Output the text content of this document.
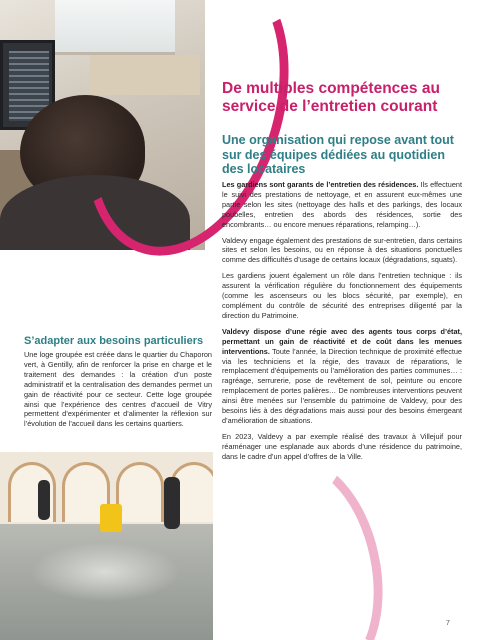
De multiples compétences au service de l’entretien courant
Une organisation qui repose avant tout sur des équipes dédiées au quotidien des locataires

Les gardiens sont garants de l’entretien des résidences. Ils effectuent le suivi des prestations de nettoyage, et en assurent eux-mêmes une partie selon les sites (nettoyage des halls et des parkings, des locaux poubelles, entretien des abords des résidences, sortie des encombrants… ou encore menues réparations, relamping…).

Valdevy engage également des prestations de sur-entretien, dans certains sites et selon les besoins, ou en réponse à des situations ponctuelles comme des difficultés d’usage de certains locaux (dégradations, squats).

Les gardiens jouent également un rôle dans l’entretien technique : ils assurent la vérification régulière du fonctionnement des équipements (comme les ascenseurs ou les blocs sécurité, par exemple), en complément du contrôle de sécurité des entreprises diligenté par la direction du Patrimoine.

Valdevy dispose d’une régie avec des agents tous corps d’état, permettant un gain de réactivité et de coût dans les menues interventions. Toute l’année, la Direction technique de proximité effectue via les techniciens et la régie, des travaux de réparations, le remplacement d’équipements ou l’amélioration des parties communes… : ragréage, serrurerie, pose de revêtement de sol, peinture ou encore remplacement de portes palières… De nombreuses interventions peuvent ainsi être menées sur l’ensemble du patrimoine de Valdevy, pour des besoins liés à des dégradations mais aussi pour des besoins émergeant d’amélioration de situations.

En 2023, Valdevy a par exemple réalisé des travaux à Villejuif pour réaménager une esplanade aux abords d’une résidence du patrimoine, dans le cadre d’un appel d’offres de la Ville.

S’adapter aux besoins particuliers

Une loge groupée est créée dans le quartier du Chaporon vert, à Gentilly, afin de renforcer la prise en charge et le traitement des demandes : la création d’un poste administratif et la centralisation des demandes permet un gain de réactivité pour ce secteur. Cette loge groupée ainsi que l’expérience des centres d’accueil de Vitry permettent d’expérimenter et d’alimenter la réflexion sur l’évolution de l’accueil dans les certains quartiers.

7
